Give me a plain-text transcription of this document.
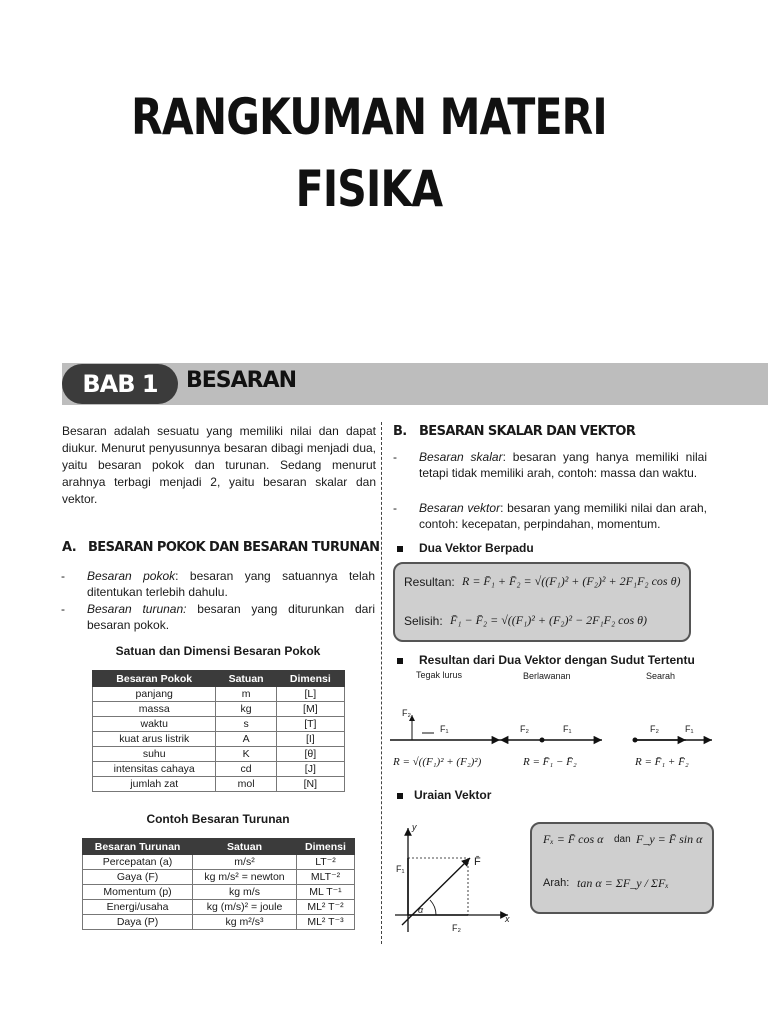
RANGKUMAN MATERI
FISIKA
BAB 1	BESARAN
Besaran adalah sesuatu yang memiliki nilai dan dapat diukur. Menurut penyusunnya besaran dibagi menjadi dua, yaitu besaran pokok dan turunan. Sedang menurut arahnya terbagi menjadi 2, yaitu besaran skalar dan vektor.
A. BESARAN POKOK DAN BESARAN TURUNAN
- Besaran pokok: besaran yang satuannya telah ditentukan terlebih dahulu.
- Besaran turunan: besaran yang diturunkan dari besaran pokok.
Satuan dan Dimensi Besaran Pokok
Besaran Pokok	Satuan	Dimensi
panjang	m	[L]
massa	kg	[M]
waktu	s	[T]
kuat arus listrik	A	[I]
suhu	K	[θ]
intensitas cahaya	cd	[J]
jumlah zat	mol	[N]
Contoh Besaran Turunan
Besaran Turunan	Satuan	Dimensi
Percepatan (a)	m/s²	LT⁻²
Gaya (F)	kg m/s² = newton	MLT⁻²
Momentum (p)	kg m/s	ML T⁻¹
Energi/usaha	kg (m/s)² = joule	ML² T⁻²
Daya (P)	kg m²/s³	ML² T⁻³
B. BESARAN SKALAR DAN VEKTOR
- Besaran skalar: besaran yang hanya memiliki nilai tetapi tidak memiliki arah, contoh: massa dan waktu.
- Besaran vektor: besaran yang memiliki nilai dan arah, contoh: kecepatan, perpindahan, momentum.
Dua Vektor Berpadu
Resultan: R = F̄₁ + F̄₂ = √((F₁)² + (F₂)² + 2F₁F₂ cos θ)
Selisih: F̄₁ − F̄₂ = √((F₁)² + (F₂)² − 2F₁F₂ cos θ)
Resultan dari Dua Vektor dengan Sudut Tertentu
Tegak lurus	Berlawanan	Searah
F₂
F₁	F₂	F₁	F₂	F₁
R = √((F₁)² + (F₂)²)	R = F̄₁ − F̄₂	R = F̄₁ + F̄₂
Uraian Vektor
y
x
F̄
F₁
F₂
α
Fₓ = F̄ cos α dan F_y = F̄ sin α
Arah: tan α = ΣF_y / ΣFₓ
